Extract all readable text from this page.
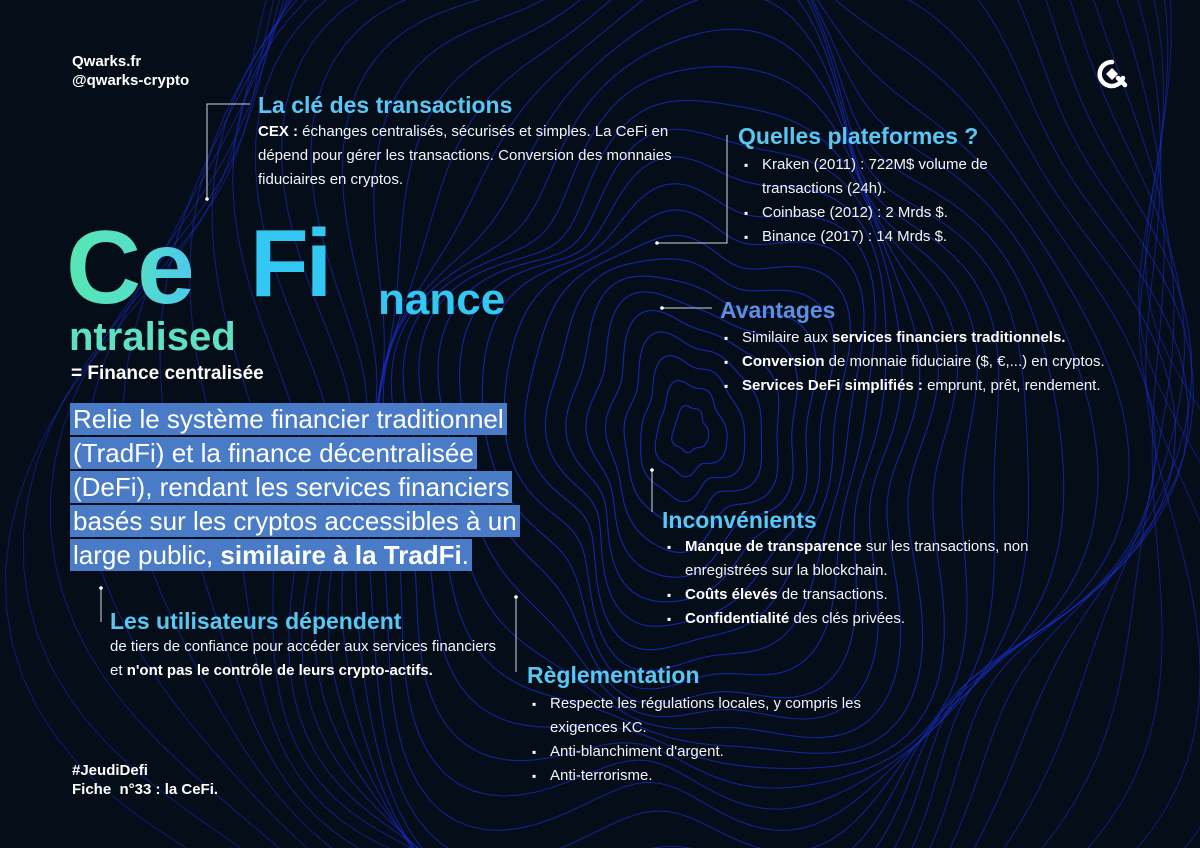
Qwarks.fr
@qwarks-crypto
La clé des transactions
CEX : échanges centralisés, sécurisés et simples. La CeFi en dépend pour gérer les transactions. Conversion des monnaies fiduciaires en cryptos.
Quelles plateformes ?
▪ Kraken (2011) : 722M$ volume de transactions (24h).
▪ Coinbase (2012) : 2 Mrds $.
▪ Binance (2017) : 14 Mrds $.
Ce Fi nance
ntralised
= Finance centralisée
Relie le système financier traditionnel
(TradFi) et la finance décentralisée
(DeFi), rendant les services financiers
basés sur les cryptos accessibles à un
large public, similaire à la TradFi.
Avantages
▪ Similaire aux services financiers traditionnels.
▪ Conversion de monnaie fiduciaire ($, €,...) en cryptos.
▪ Services DeFi simplifiés : emprunt, prêt, rendement.
Inconvénients
▪ Manque de transparence sur les transactions, non enregistrées sur la blockchain.
▪ Coûts élevés de transactions.
▪ Confidentialité des clés privées.
Les utilisateurs dépendent
de tiers de confiance pour accéder aux services financiers et n'ont pas le contrôle de leurs crypto-actifs.	Règlementation
▪ Respecte les régulations locales, y compris les exigences KC.
▪ Anti-blanchiment d'argent.
▪ Anti-terrorisme.
#JeudiDefi
Fiche  n°33 : la CeFi.
